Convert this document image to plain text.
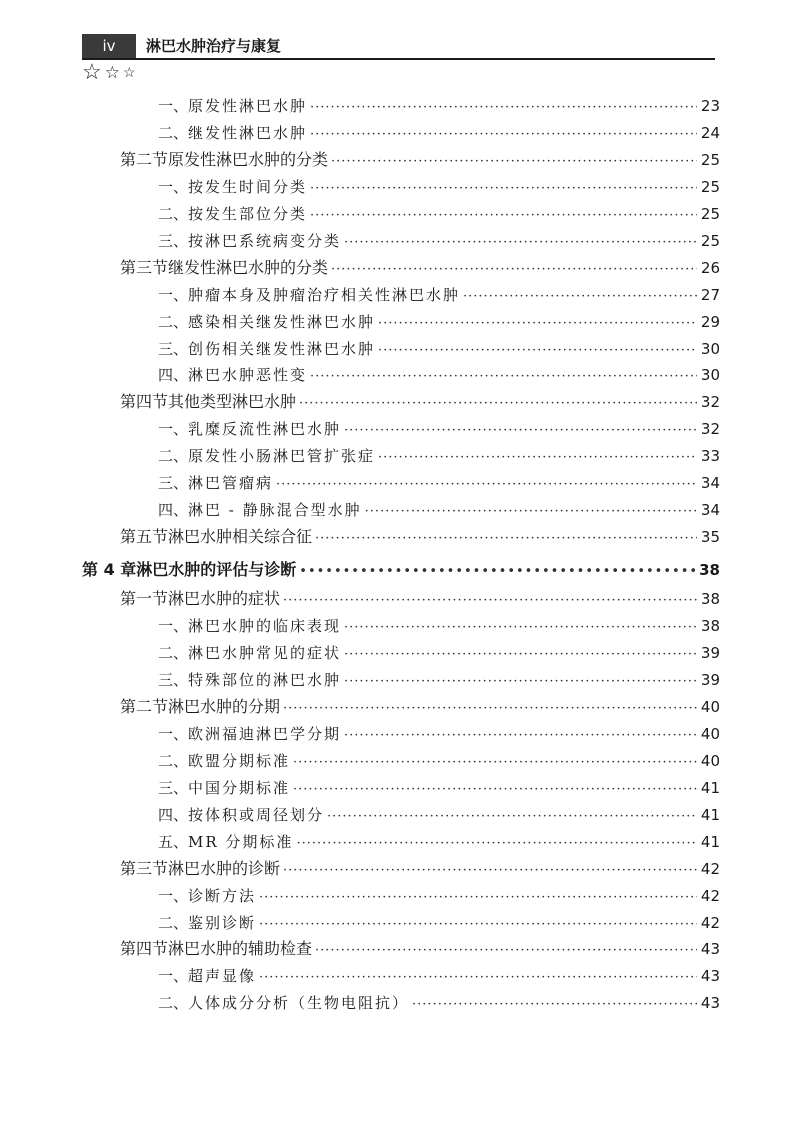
iv	淋巴水肿治疗与康复
☆ ☆ ☆
一、 原发性淋巴水肿 ·····	23
二、 继发性淋巴水肿 ·····	24
第二节 原发性淋巴水肿的分类 ·····	25
一、 按发生时间分类 ·····	25
二、 按发生部位分类 ·····	25
三、 按淋巴系统病变分类 ·····	25
第三节 继发性淋巴水肿的分类 ·····	26
一、 肿瘤本身及肿瘤治疗相关性淋巴水肿 ·····	27
二、 感染相关继发性淋巴水肿 ·····	29
三、 创伤相关继发性淋巴水肿 ·····	30
四、 淋巴水肿恶性变 ·····	30
第四节 其他类型淋巴水肿 ·····	32
一、 乳糜反流性淋巴水肿 ·····	32
二、 原发性小肠淋巴管扩张症 ·····	33
三、 淋巴管瘤病 ·····	34
四、 淋巴 - 静脉混合型水肿 ·····	34
第五节 淋巴水肿相关综合征 ·····	35
第 4 章 淋巴水肿的评估与诊断 •••••	38
第一节 淋巴水肿的症状 ·····	38
一、 淋巴水肿的临床表现 ·····	38
二、 淋巴水肿常见的症状 ·····	39
三、 特殊部位的淋巴水肿 ·····	39
第二节 淋巴水肿的分期 ·····	40
一、 欧洲福迪淋巴学分期 ·····	40
二、 欧盟分期标准 ·····	40
三、 中国分期标准 ·····	41
四、 按体积或周径划分 ·····	41
五、 MR 分期标准 ·····	41
第三节 淋巴水肿的诊断 ·····	42
一、 诊断方法 ·····	42
二、 鉴别诊断 ·····	42
第四节 淋巴水肿的辅助检查 ·····	43
一、 超声显像 ·····	43
二、 人体成分分析（生物电阻抗） ·····	43
